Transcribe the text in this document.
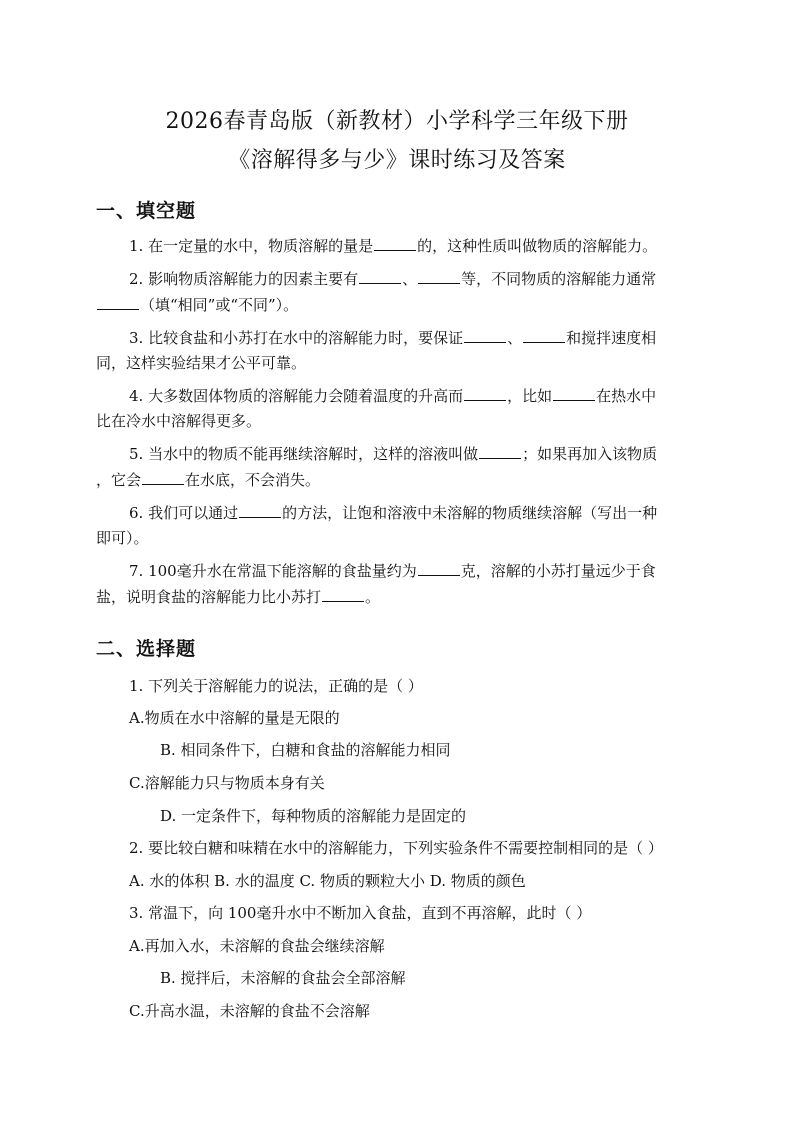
2026春青岛版（新教材）小学科学三年级下册
《溶解得多与少》课时练习及答案
一、填空题
1. 在一定量的水中，物质溶解的量是	的，这种性质叫做物质的溶解能力。
2. 影响物质溶解能力的因素主要有	、	等，不同物质的溶解能力通常
（填“相同”或“不同”）。
3. 比较食盐和小苏打在水中的溶解能力时，要保证	、	和搅拌速度相
同，这样实验结果才公平可靠。
4. 大多数固体物质的溶解能力会随着温度的升高而	，比如	在热水中
比在冷水中溶解得更多。
5. 当水中的物质不能再继续溶解时，这样的溶液叫做	；如果再加入该物质
，它会	在水底，不会消失。
6. 我们可以通过	的方法，让饱和溶液中未溶解的物质继续溶解（写出一种
即可）。
7. 100毫升水在常温下能溶解的食盐量约为	克，溶解的小苏打量远少于食
盐，说明食盐的溶解能力比小苏打	。
二、选择题
1. 下列关于溶解能力的说法，正确的是（ ）
A.物质在水中溶解的量是无限的
B. 相同条件下，白糖和食盐的溶解能力相同
C.溶解能力只与物质本身有关
D. 一定条件下，每种物质的溶解能力是固定的
2. 要比较白糖和味精在水中的溶解能力，下列实验条件不需要控制相同的是（ ）
A. 水的体积 B. 水的温度 C. 物质的颗粒大小 D. 物质的颜色
3. 常温下，向 100毫升水中不断加入食盐，直到不再溶解，此时（ ）
A.再加入水，未溶解的食盐会继续溶解
B. 搅拌后，未溶解的食盐会全部溶解
C.升高水温，未溶解的食盐不会溶解
